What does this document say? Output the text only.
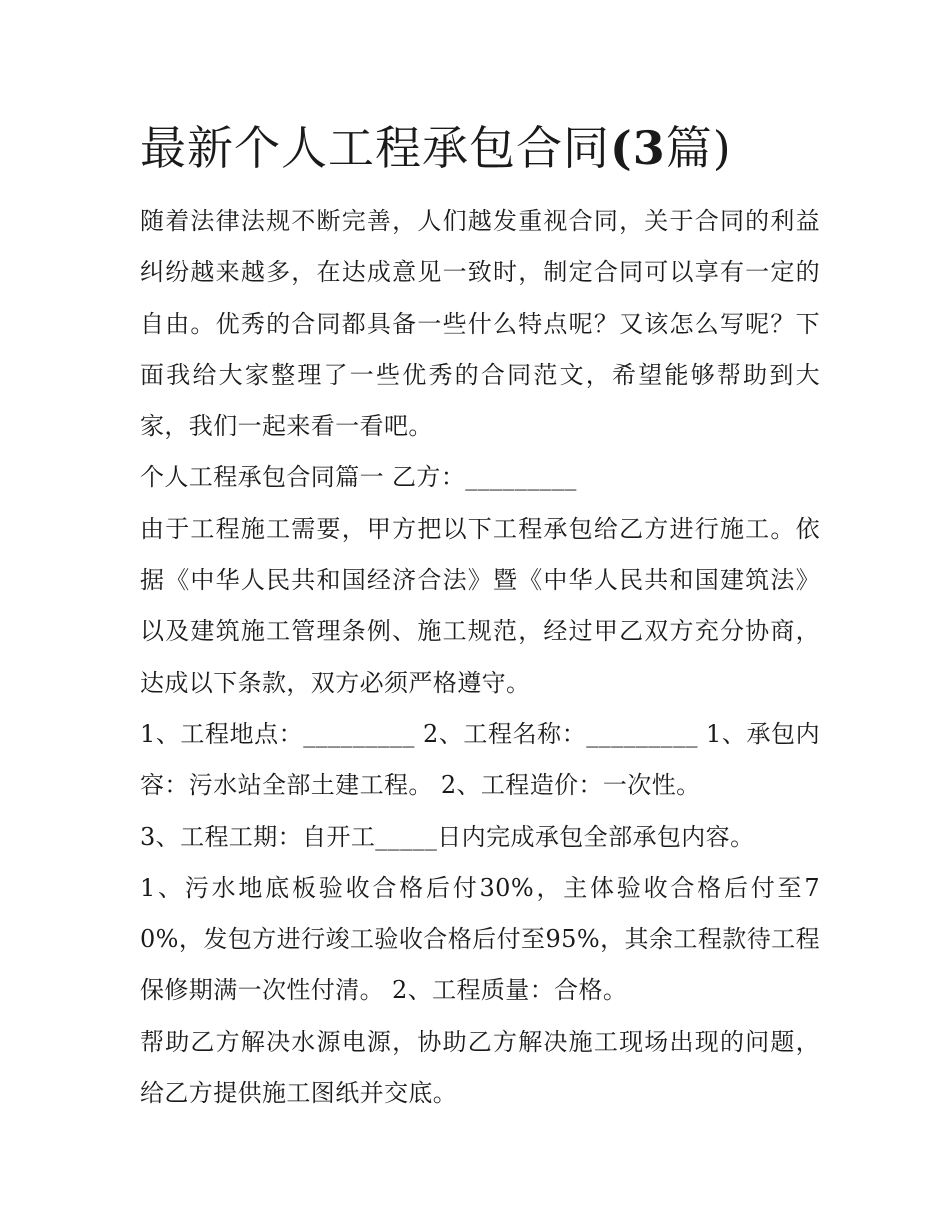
最新个人工程承包合同(3篇)

随着法律法规不断完善，人们越发重视合同，关于合同的利益纠纷越来越多，在达成意见一致时，制定合同可以享有一定的自由。优秀的合同都具备一些什么特点呢？又该怎么写呢？下面我给大家整理了一些优秀的合同范文，希望能够帮助到大家，我们一起来看一看吧。

个人工程承包合同篇一 乙方：_________

由于工程施工需要，甲方把以下工程承包给乙方进行施工。依据《中华人民共和国经济合法》暨《中华人民共和国建筑法》以及建筑施工管理条例、施工规范，经过甲乙双方充分协商，达成以下条款，双方必须严格遵守。

1、工程地点：_________ 2、工程名称：_________ 1、承包内容：污水站全部土建工程。 2、工程造价：一次性。

3、工程工期：自开工_____日内完成承包全部承包内容。

1、污水地底板验收合格后付30%，主体验收合格后付至70%，发包方进行竣工验收合格后付至95%，其余工程款待工程保修期满一次性付清。 2、工程质量：合格。

帮助乙方解决水源电源，协助乙方解决施工现场出现的问题，给乙方提供施工图纸并交底。
